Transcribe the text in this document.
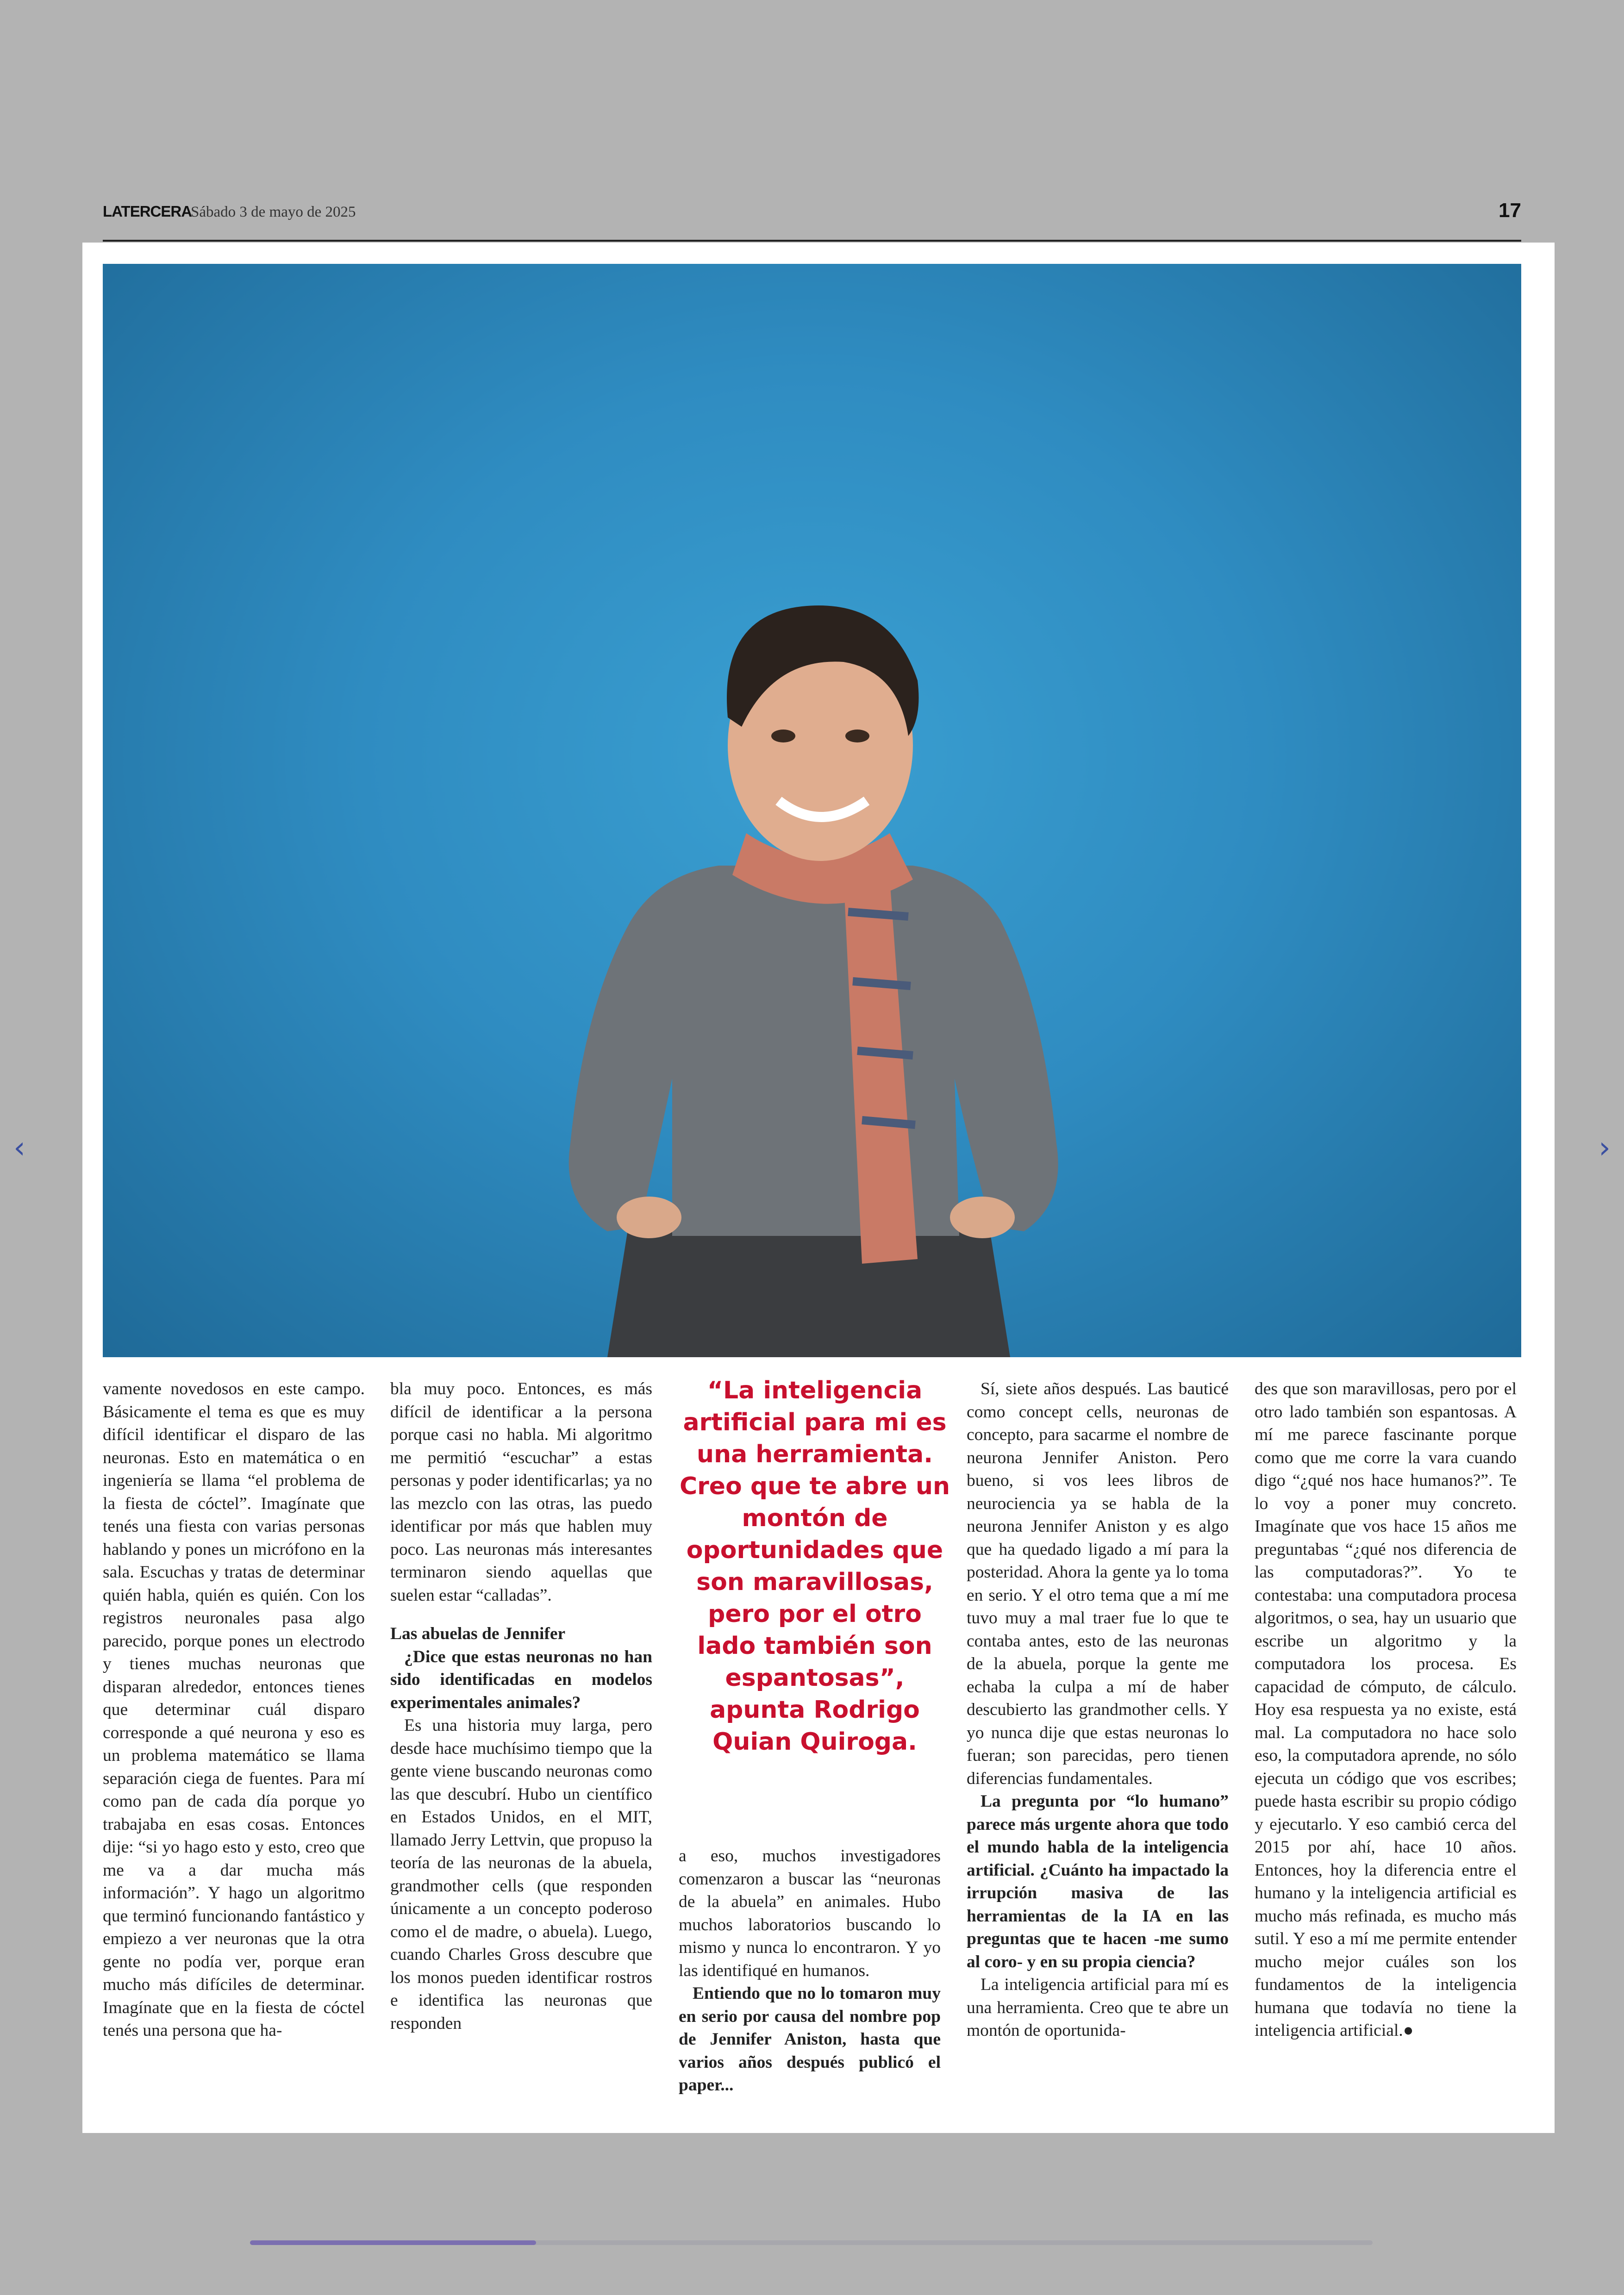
LATERCERA
Sábado 3 de mayo de 2025	17
‹	›

vamente novedosos en este campo. Básicamente el tema es que es muy difícil identificar el disparo de las neuronas. Esto en matemática o en ingeniería se llama “el problema de la fiesta de cóctel”. Imagínate que tenés una fiesta con varias personas hablando y pones un micrófono en la sala. Escuchas y tratas de determinar quién habla, quién es quién. Con los registros neuronales pasa algo parecido, porque pones un electrodo y tienes muchas neuronas que disparan alrededor, entonces tienes que determinar cuál disparo corresponde a qué neurona y eso es un problema matemático se llama separación ciega de fuentes. Para mí como pan de cada día porque yo trabajaba en esas cosas. Entonces dije: “si yo hago esto y esto, creo que me va a dar mucha más información”. Y hago un algoritmo que terminó funcionando fantástico y empiezo a ver neuronas que la otra gente no podía ver, porque eran mucho más difíciles de determinar. Imagínate que en la fiesta de cóctel tenés una persona que ha-

bla muy poco. Entonces, es más difícil de identificar a la persona porque casi no habla. Mi algoritmo me permitió “escuchar” a estas personas y poder identificarlas; ya no las mezclo con las otras, las puedo identificar por más que hablen muy poco. Las neuronas más interesantes terminaron siendo aquellas que suelen estar “calladas”.

Las abuelas de Jennifer

¿Dice que estas neuronas no han sido identificadas en modelos experimentales animales?

Es una historia muy larga, pero desde hace muchísimo tiempo que la gente viene buscando neuronas como las que descubrí. Hubo un científico en Estados Unidos, en el MIT, llamado Jerry Lettvin, que propuso la teoría de las neuronas de la abuela, grandmother cells (que responden únicamente a un concepto poderoso como el de madre, o abuela). Luego, cuando Charles Gross descubre que los monos pueden identificar rostros e identifica las neuronas que responden

“La inteligencia artificial para mi es una herramienta. Creo que te abre un montón de oportunidades que son maravillosas, pero por el otro lado también son espantosas”, apunta Rodrigo Quian Quiroga.

a eso, muchos investigadores comenzaron a buscar las “neuronas de la abuela” en animales. Hubo muchos laboratorios buscando lo mismo y nunca lo encontraron. Y yo las identifiqué en humanos.

Entiendo que no lo tomaron muy en serio por causa del nombre pop de Jennifer Aniston, hasta que varios años después publicó el paper...

Sí, siete años después. Las bauticé como concept cells, neuronas de concepto, para sacarme el nombre de neurona Jennifer Aniston. Pero bueno, si vos lees libros de neurociencia ya se habla de la neurona Jennifer Aniston y es algo que ha quedado ligado a mí para la posteridad. Ahora la gente ya lo toma en serio. Y el otro tema que a mí me tuvo muy a mal traer fue lo que te contaba antes, esto de las neuronas de la abuela, porque la gente me echaba la culpa a mí de haber descubierto las grandmother cells. Y yo nunca dije que estas neuronas lo fueran; son parecidas, pero tienen diferencias fundamentales.

La pregunta por “lo humano” parece más urgente ahora que todo el mundo habla de la inteligencia artificial. ¿Cuánto ha impactado la irrupción masiva de las herramientas de la IA en las preguntas que te hacen -me sumo al coro- y en su propia ciencia?

La inteligencia artificial para mí es una herramienta. Creo que te abre un montón de oportunida-

des que son maravillosas, pero por el otro lado también son espantosas. A mí me parece fascinante porque como que me corre la vara cuando digo “¿qué nos hace humanos?”. Te lo voy a poner muy concreto. Imagínate que vos hace 15 años me preguntabas “¿qué nos diferencia de las computadoras?”. Yo te contestaba: una computadora procesa algoritmos, o sea, hay un usuario que escribe un algoritmo y la computadora los procesa. Es capacidad de cómputo, de cálculo. Hoy esa respuesta ya no existe, está mal. La computadora no hace solo eso, la computadora aprende, no sólo ejecuta un código que vos escribes; puede hasta escribir su propio código y ejecutarlo. Y eso cambió cerca del 2015 por ahí, hace 10 años. Entonces, hoy la diferencia entre el humano y la inteligencia artificial es mucho más refinada, es mucho más sutil. Y eso a mí me permite entender mucho mejor cuáles son los fundamentos de la inteligencia humana que todavía no tiene la inteligencia artificial.●
